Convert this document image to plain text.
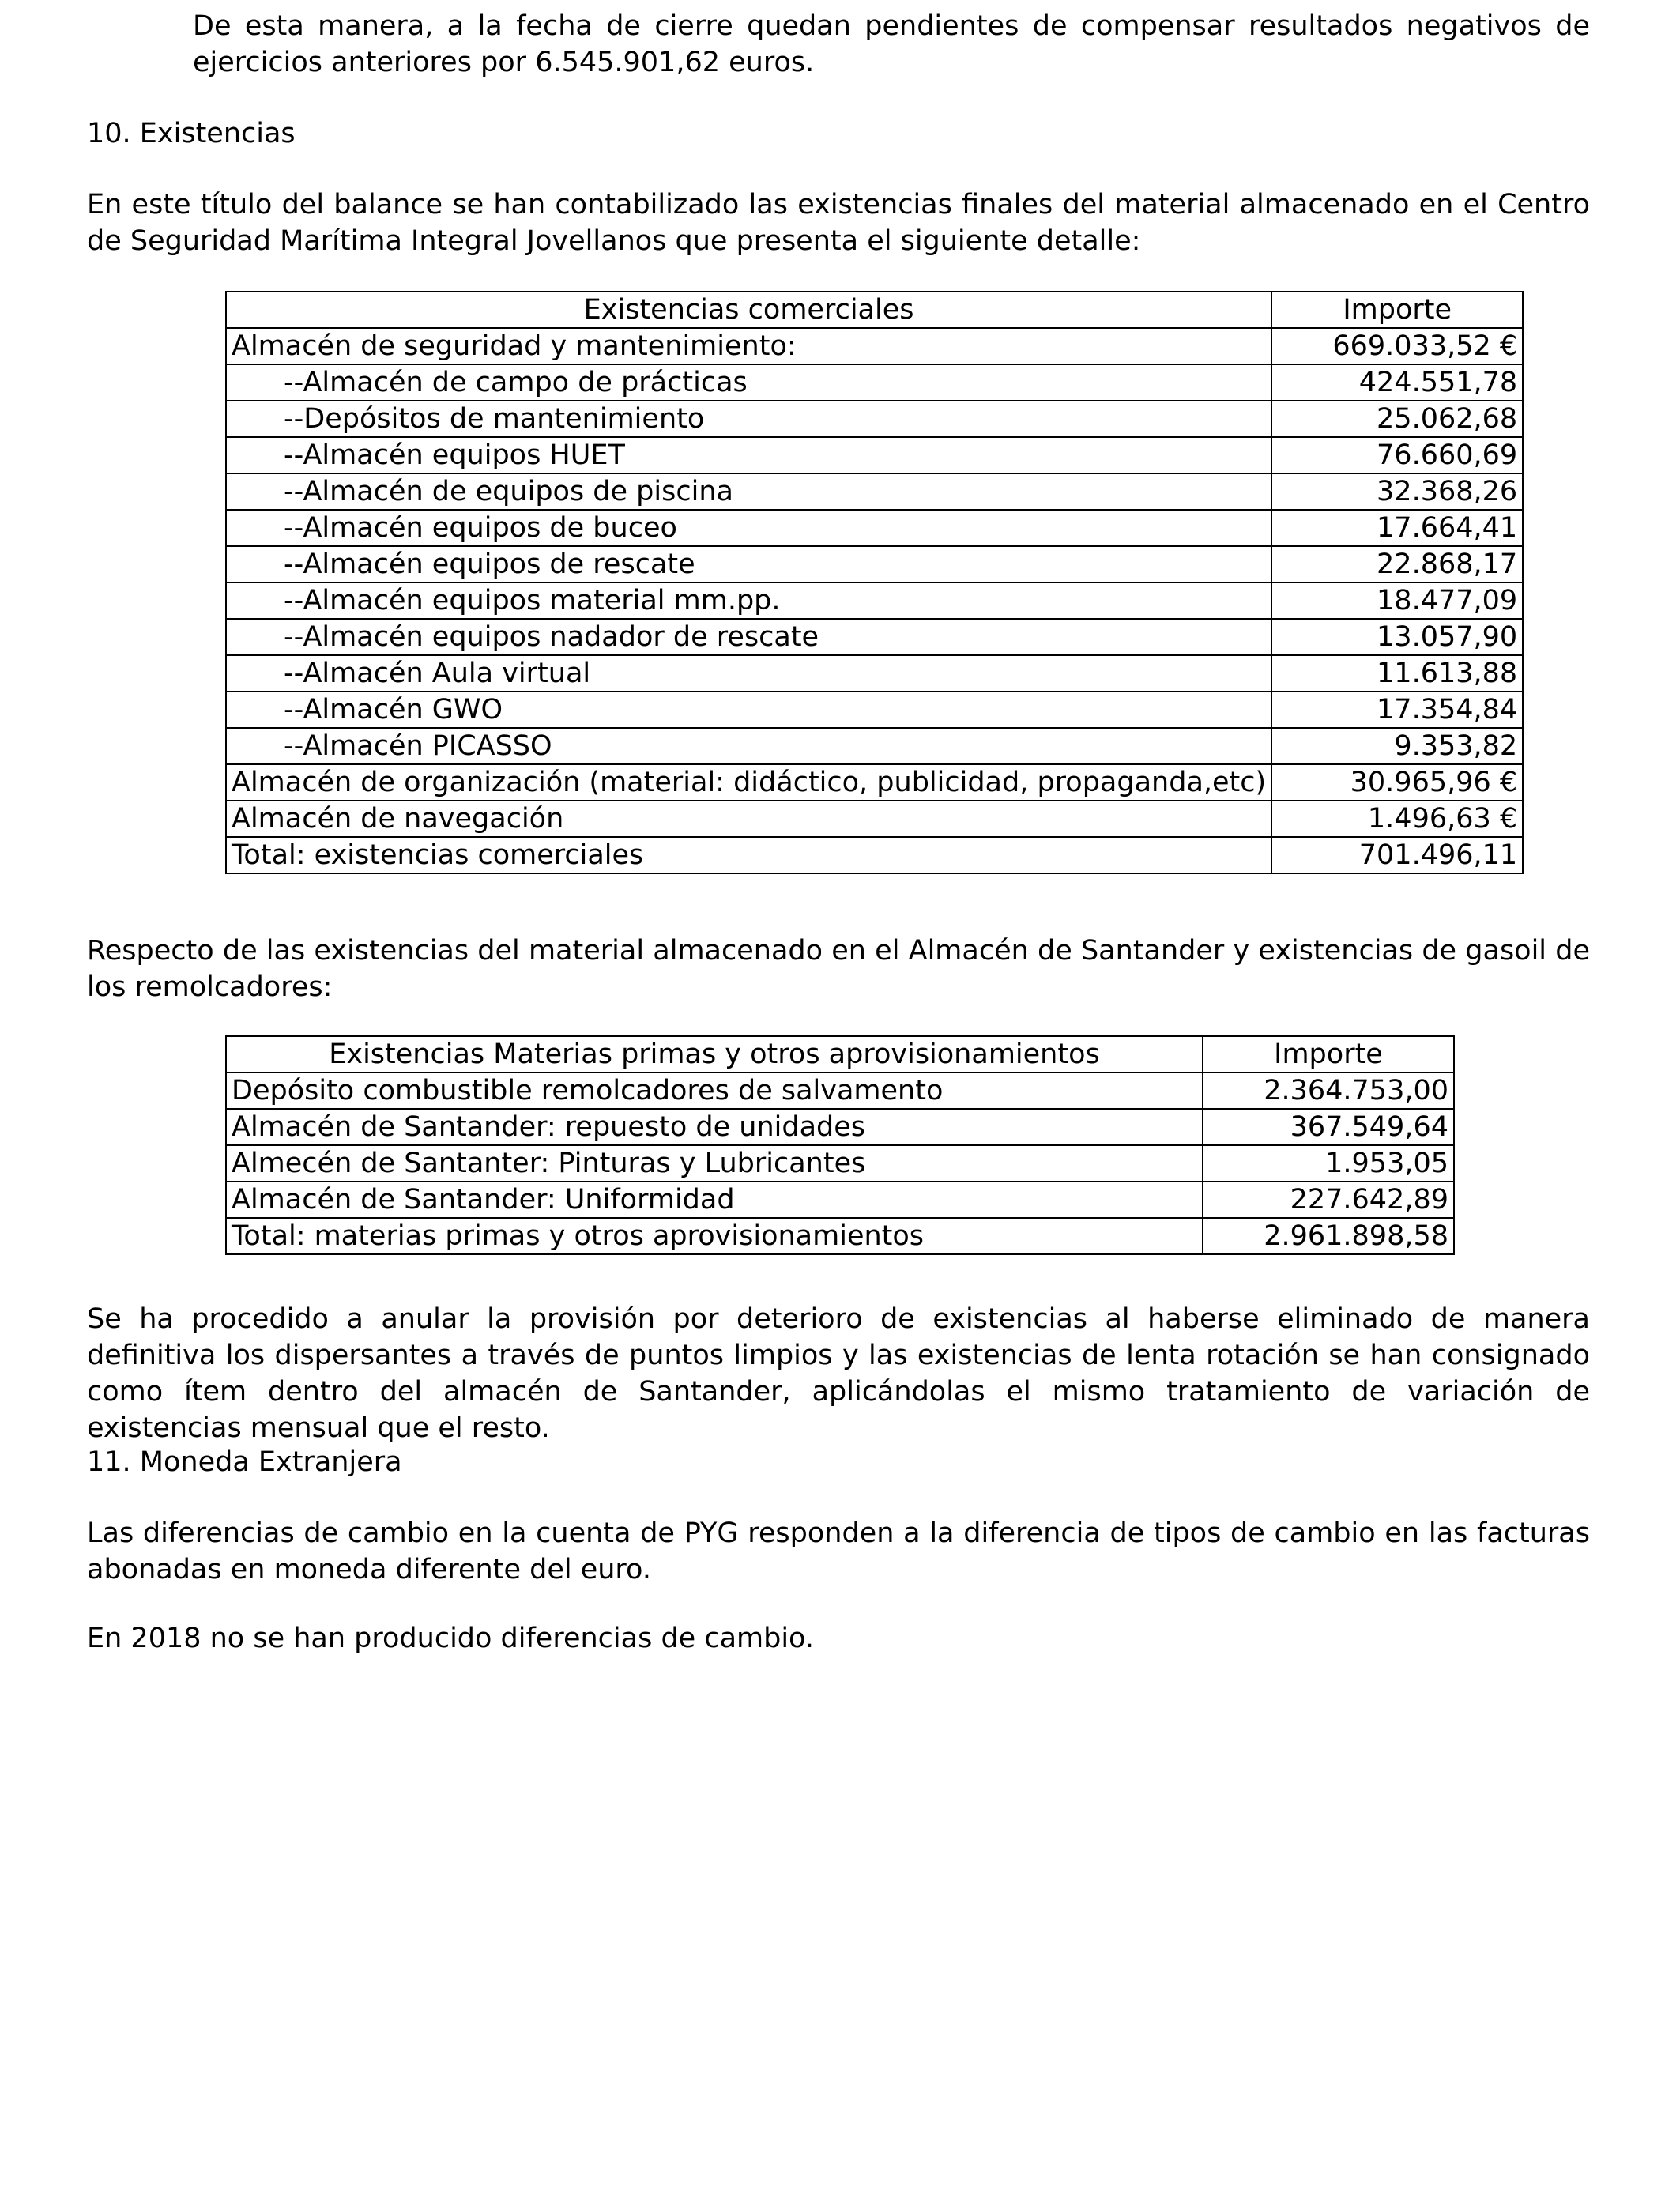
De esta manera, a la fecha de cierre quedan pendientes de compensar resultados negativos de ejercicios anteriores por 6.545.901,62 euros.

10. Existencias

En este título del balance se han contabilizado las existencias finales del material almacenado en el Centro de Seguridad Marítima Integral Jovellanos que presenta el siguiente detalle:

Existencias comerciales	Importe
Almacén de seguridad y mantenimiento:	669.033,52 €
--Almacén de campo de prácticas	424.551,78
--Depósitos de mantenimiento	25.062,68
--Almacén equipos HUET	76.660,69
--Almacén de equipos de piscina	32.368,26
--Almacén equipos de buceo	17.664,41
--Almacén equipos de rescate	22.868,17
--Almacén equipos material mm.pp.	18.477,09
--Almacén equipos nadador de rescate	13.057,90
--Almacén Aula virtual	11.613,88
--Almacén GWO	17.354,84
--Almacén PICASSO	9.353,82
Almacén de organización (material: didáctico, publicidad, propaganda,etc)	30.965,96 €
Almacén de navegación	1.496,63 €
Total: existencias comerciales	701.496,11

Respecto de las existencias del material almacenado en el Almacén de Santander y existencias de gasoil de los remolcadores:

Existencias Materias primas y otros aprovisionamientos	Importe
Depósito combustible remolcadores de salvamento	2.364.753,00
Almacén de Santander: repuesto de unidades	367.549,64
Almecén de Santanter: Pinturas y Lubricantes	1.953,05
Almacén de Santander: Uniformidad	227.642,89
Total: materias primas y otros aprovisionamientos	2.961.898,58

Se ha procedido a anular la provisión por deterioro de existencias al haberse eliminado de manera definitiva los dispersantes a través de puntos limpios y las existencias de lenta rotación se han consignado como ítem dentro del almacén de Santander, aplicándolas el mismo tratamiento de variación de existencias mensual que el resto.

11. Moneda Extranjera

Las diferencias de cambio en la cuenta de PYG responden a la diferencia de tipos de cambio en las facturas abonadas en moneda diferente del euro.

En 2018 no se han producido diferencias de cambio.
